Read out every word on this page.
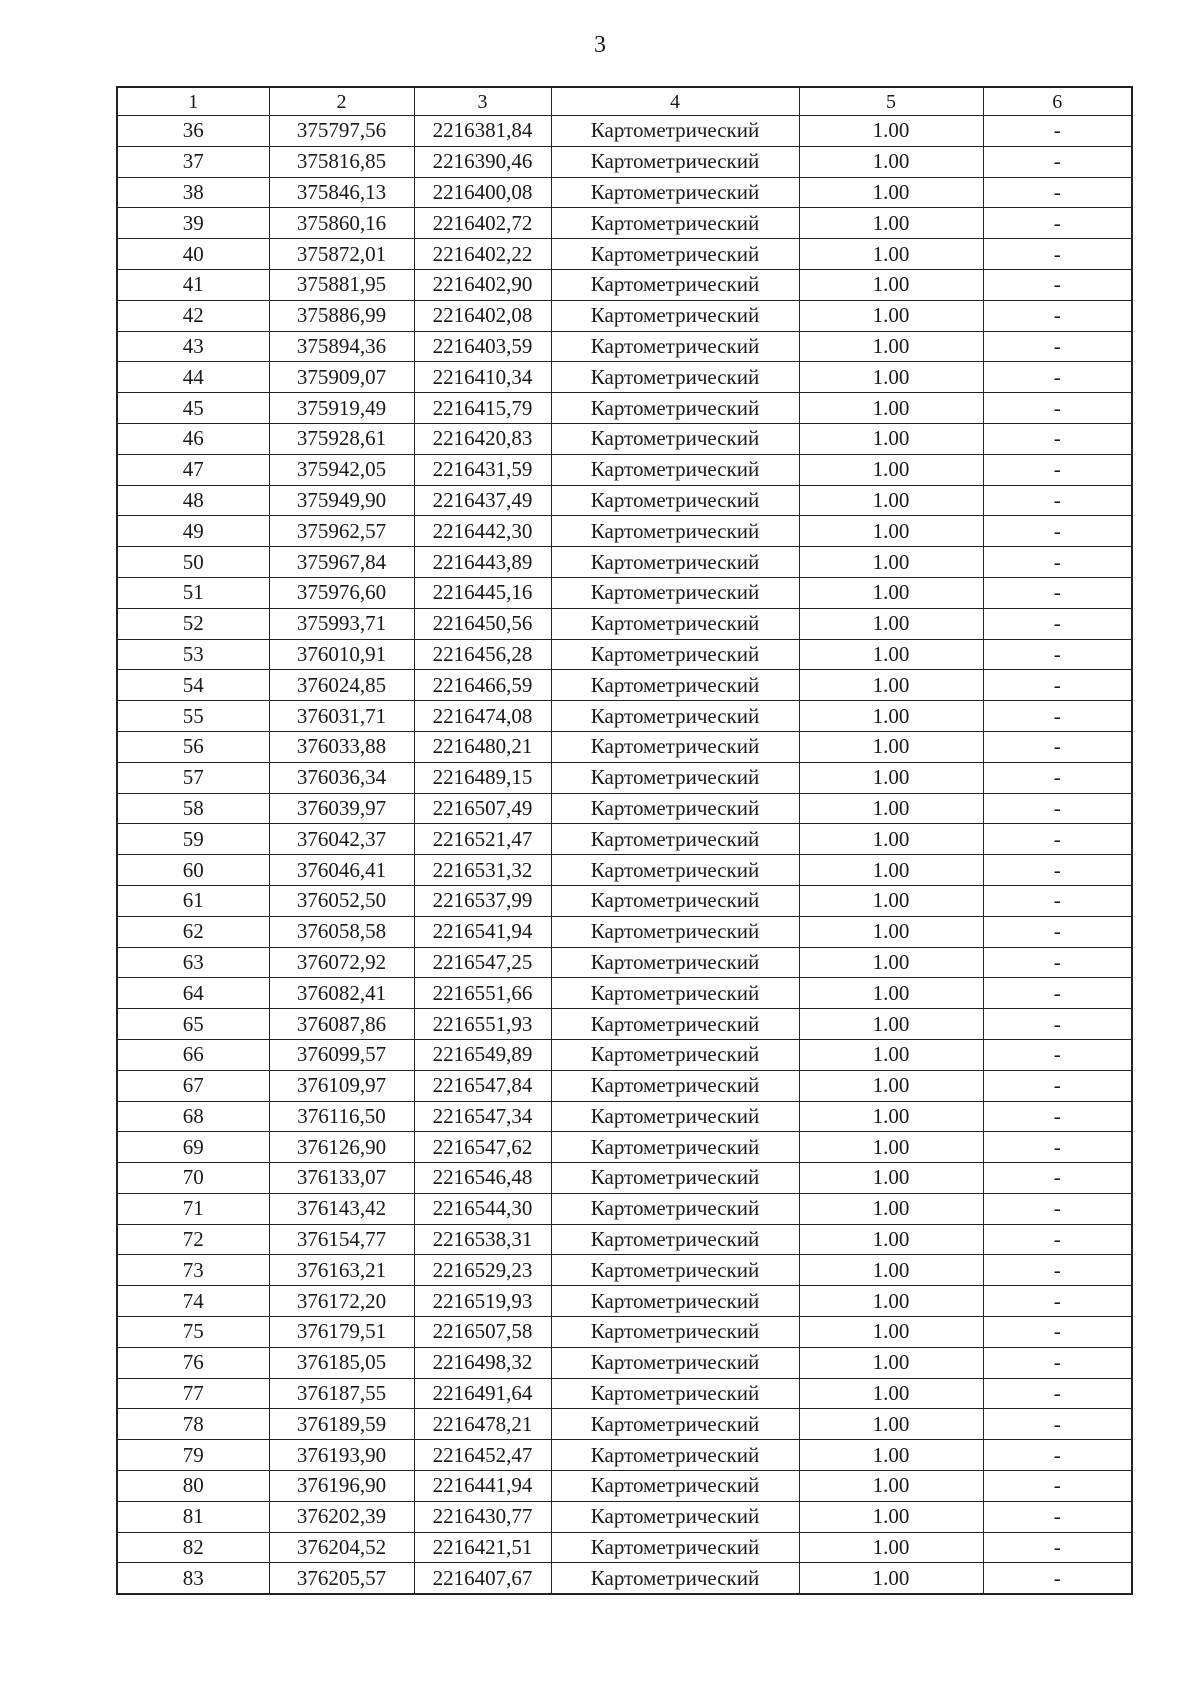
3
1	2	3	4	5	6
36	375797,56	2216381,84	Картометрический	1.00	-
37	375816,85	2216390,46	Картометрический	1.00	-
38	375846,13	2216400,08	Картометрический	1.00	-
39	375860,16	2216402,72	Картометрический	1.00	-
40	375872,01	2216402,22	Картометрический	1.00	-
41	375881,95	2216402,90	Картометрический	1.00	-
42	375886,99	2216402,08	Картометрический	1.00	-
43	375894,36	2216403,59	Картометрический	1.00	-
44	375909,07	2216410,34	Картометрический	1.00	-
45	375919,49	2216415,79	Картометрический	1.00	-
46	375928,61	2216420,83	Картометрический	1.00	-
47	375942,05	2216431,59	Картометрический	1.00	-
48	375949,90	2216437,49	Картометрический	1.00	-
49	375962,57	2216442,30	Картометрический	1.00	-
50	375967,84	2216443,89	Картометрический	1.00	-
51	375976,60	2216445,16	Картометрический	1.00	-
52	375993,71	2216450,56	Картометрический	1.00	-
53	376010,91	2216456,28	Картометрический	1.00	-
54	376024,85	2216466,59	Картометрический	1.00	-
55	376031,71	2216474,08	Картометрический	1.00	-
56	376033,88	2216480,21	Картометрический	1.00	-
57	376036,34	2216489,15	Картометрический	1.00	-
58	376039,97	2216507,49	Картометрический	1.00	-
59	376042,37	2216521,47	Картометрический	1.00	-
60	376046,41	2216531,32	Картометрический	1.00	-
61	376052,50	2216537,99	Картометрический	1.00	-
62	376058,58	2216541,94	Картометрический	1.00	-
63	376072,92	2216547,25	Картометрический	1.00	-
64	376082,41	2216551,66	Картометрический	1.00	-
65	376087,86	2216551,93	Картометрический	1.00	-
66	376099,57	2216549,89	Картометрический	1.00	-
67	376109,97	2216547,84	Картометрический	1.00	-
68	376116,50	2216547,34	Картометрический	1.00	-
69	376126,90	2216547,62	Картометрический	1.00	-
70	376133,07	2216546,48	Картометрический	1.00	-
71	376143,42	2216544,30	Картометрический	1.00	-
72	376154,77	2216538,31	Картометрический	1.00	-
73	376163,21	2216529,23	Картометрический	1.00	-
74	376172,20	2216519,93	Картометрический	1.00	-
75	376179,51	2216507,58	Картометрический	1.00	-
76	376185,05	2216498,32	Картометрический	1.00	-
77	376187,55	2216491,64	Картометрический	1.00	-
78	376189,59	2216478,21	Картометрический	1.00	-
79	376193,90	2216452,47	Картометрический	1.00	-
80	376196,90	2216441,94	Картометрический	1.00	-
81	376202,39	2216430,77	Картометрический	1.00	-
82	376204,52	2216421,51	Картометрический	1.00	-
83	376205,57	2216407,67	Картометрический	1.00	-
